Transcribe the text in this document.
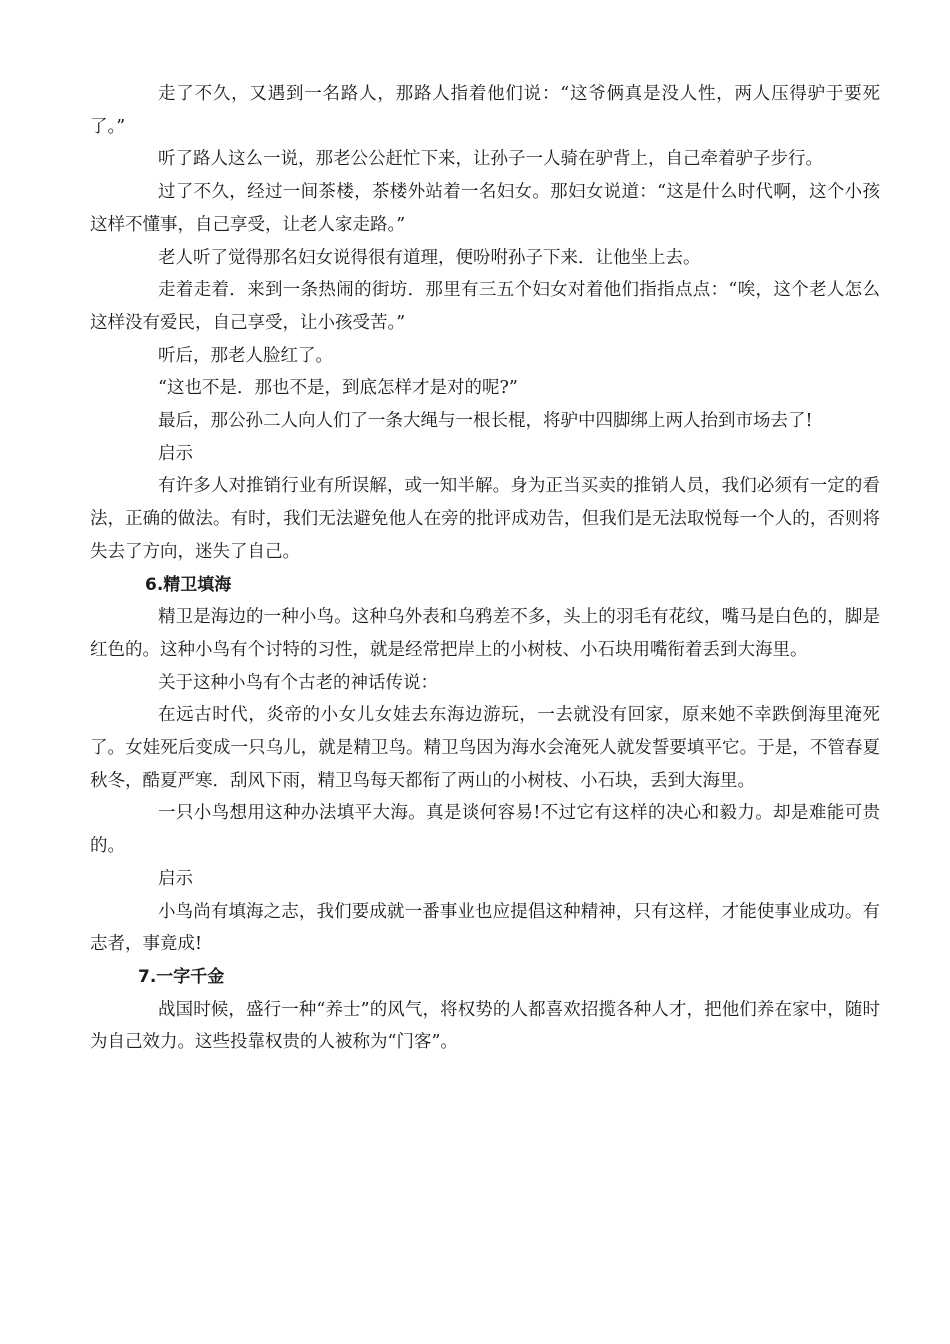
走了不久，又遇到一名路人，那路人指着他们说：“这爷俩真是没人性，两人压得驴于要死了。”

听了路人这么一说，那老公公赶忙下来，让孙子一人骑在驴背上，自己牵着驴子步行。

过了不久，经过一间茶楼，茶楼外站着一名妇女。那妇女说道：“这是什么时代啊，这个小孩这样不懂事，自己享受，让老人家走路。”

老人听了觉得那名妇女说得很有道理，便吩咐孙子下来．让他坐上去。

走着走着．来到一条热闹的街坊．那里有三五个妇女对着他们指指点点：“唉，这个老人怎么这样没有爱民，自己享受，让小孩受苦。”

听后，那老人脸红了。

“这也不是．那也不是，到底怎样才是对的呢?”

最后，那公孙二人向人们了一条大绳与一根长棍，将驴中四脚绑上两人抬到市场去了!

启示

有许多人对推销行业有所误解，或一知半解。身为正当买卖的推销人员，我们必须有一定的看法，正确的做法。有时，我们无法避免他人在旁的批评成劝告，但我们是无法取悦每一个人的，否则将失去了方向，迷失了自己。

6.精卫填海

精卫是海边的一种小鸟。这种乌外表和乌鸦差不多，头上的羽毛有花纹，嘴马是白色的，脚是红色的。这种小鸟有个讨特的习性，就是经常把岸上的小树枝、小石块用嘴衔着丢到大海里。

关于这种小鸟有个古老的神话传说：

在远古时代，炎帝的小女儿女娃去东海边游玩，一去就没有回家，原来她不幸跌倒海里淹死了。女娃死后变成一只乌儿，就是精卫鸟。精卫鸟因为海水会淹死人就发誓要填平它。于是，不管春夏秋冬，酷夏严寒．刮风下雨，精卫鸟每天都衔了两山的小树枝、小石块，丢到大海里。

一只小鸟想用这种办法填平大海。真是谈何容易!不过它有这样的决心和毅力。却是难能可贵的。

启示

小鸟尚有填海之志，我们要成就一番事业也应提倡这种精神，只有这样，才能使事业成功。有志者，事竟成!

7.一字千金

战国时候，盛行一种“养士”的风气，将权势的人都喜欢招揽各种人才，把他们养在家中，随时为自己效力。这些投靠权贵的人被称为“门客”。
